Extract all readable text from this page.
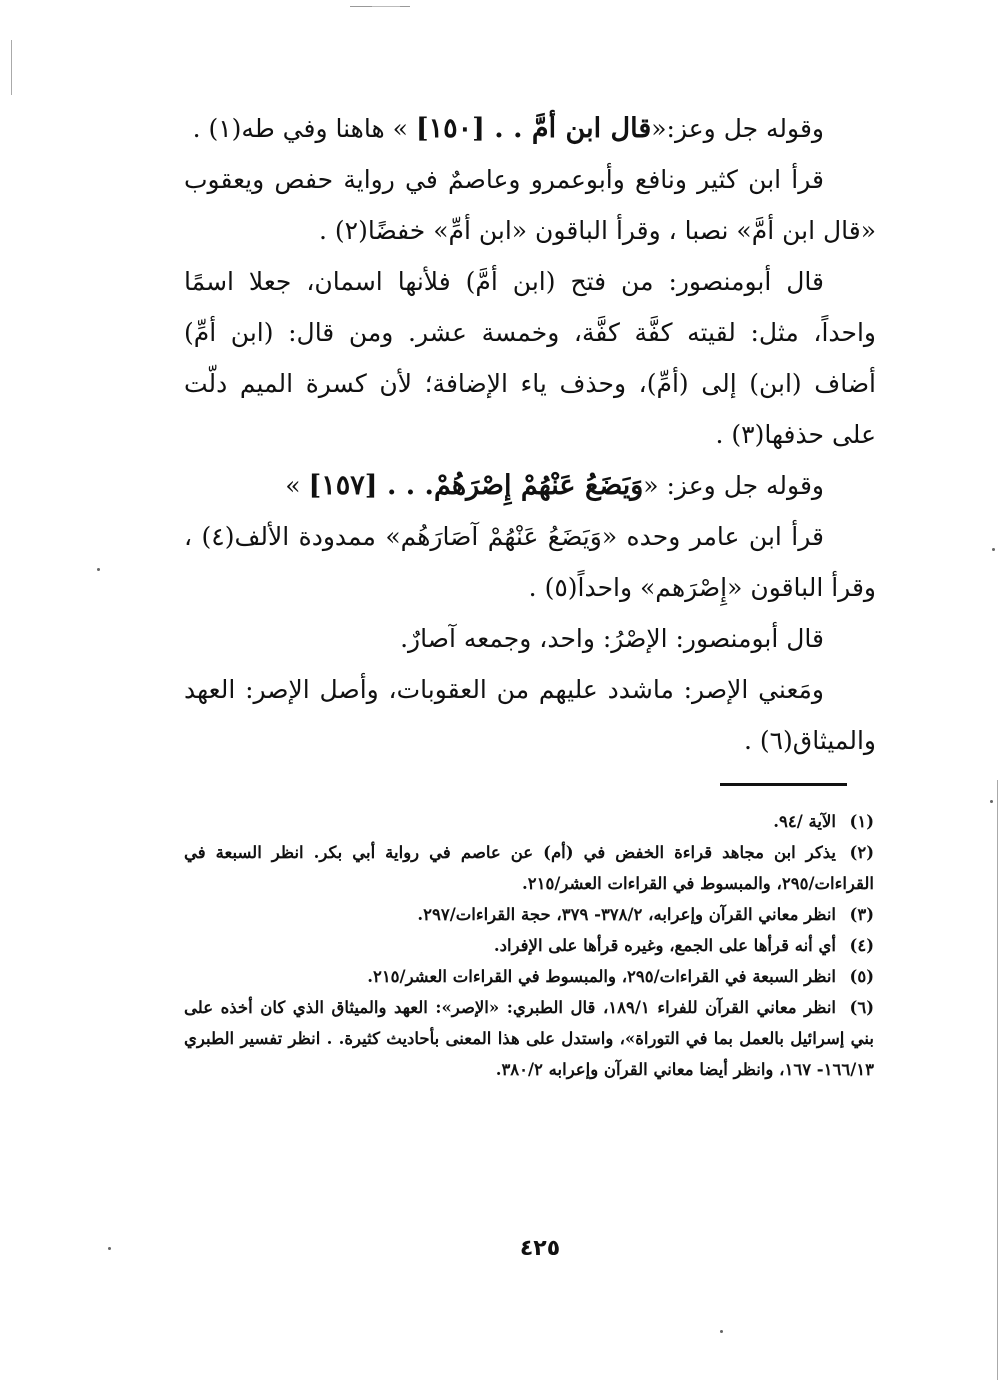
وقوله جل وعز:«قال ابن أمَّ . . [١٥٠] » هاهنا وفي طه(١) .

قرأ ابن كثير ونافع وأبوعمرو وعاصمٌ في رواية حفص ويعقوب «قال ابن أمَّ» نصبا ، وقرأ الباقون «ابن أمِّ» خفضًا(٢) .

قال أبومنصور: من فتح (ابن أمَّ) فلأنها اسمان، جعلا اسمًا واحداً، مثل: لقيته كفَّة كفَّة، وخمسة عشر. ومن قال: (ابن أمِّ) أضاف (ابن) إلى (أمِّ)، وحذف ياء الإضافة؛ لأن كسرة الميم دلّت على حذفها(٣) .

وقوله جل وعز: «وَيَضَعُ عَنْهُمْ إِصْرَهُمْ. . . [١٥٧] »

قرأ ابن عامر وحده «وَيَضَعُ عَنْهُمْ آصَارَهُم» ممدودة الألف(٤) ، وقرأ الباقون «إِصْرَهم» واحداً(٥) .

قال أبومنصور: الإصْرُ: واحد، وجمعه آصارٌ.

ومَعني الإصر: ماشدد عليهم من العقوبات، وأصل الإصر: العهد والميثاق(٦) .

(١)الآية /٩٤.

(٢)يذكر ابن مجاهد قراءة الخفض في (أم) عن عاصم في رواية أبي بكر. انظر السبعة في القراءات/٢٩٥، والمبسوط في القراءات العشر/٢١٥.

(٣)انظر معاني القرآن وإعرابه، ٣٧٨/٢- ٣٧٩، حجة القراءات/٢٩٧.

(٤)أي أنه قرأها على الجمع، وغيره قرأها على الإفراد.

(٥)انظر السبعة في القراءات/٢٩٥، والمبسوط في القراءات العشر/٢١٥.

(٦)انظر معاني القرآن للفراء ١٨٩/١، قال الطبري: «الإصر»: العهد والميثاق الذي كان أخذه على بني إسرائيل بالعمل بما في التوراة»، واستدل على هذا المعنى بأحاديث كثيرة. . انظر تفسير الطبري ١٦٦/١٣- ١٦٧، وانظر أيضا معاني القرآن وإعرابه ٣٨٠/٢.

٤٢٥
